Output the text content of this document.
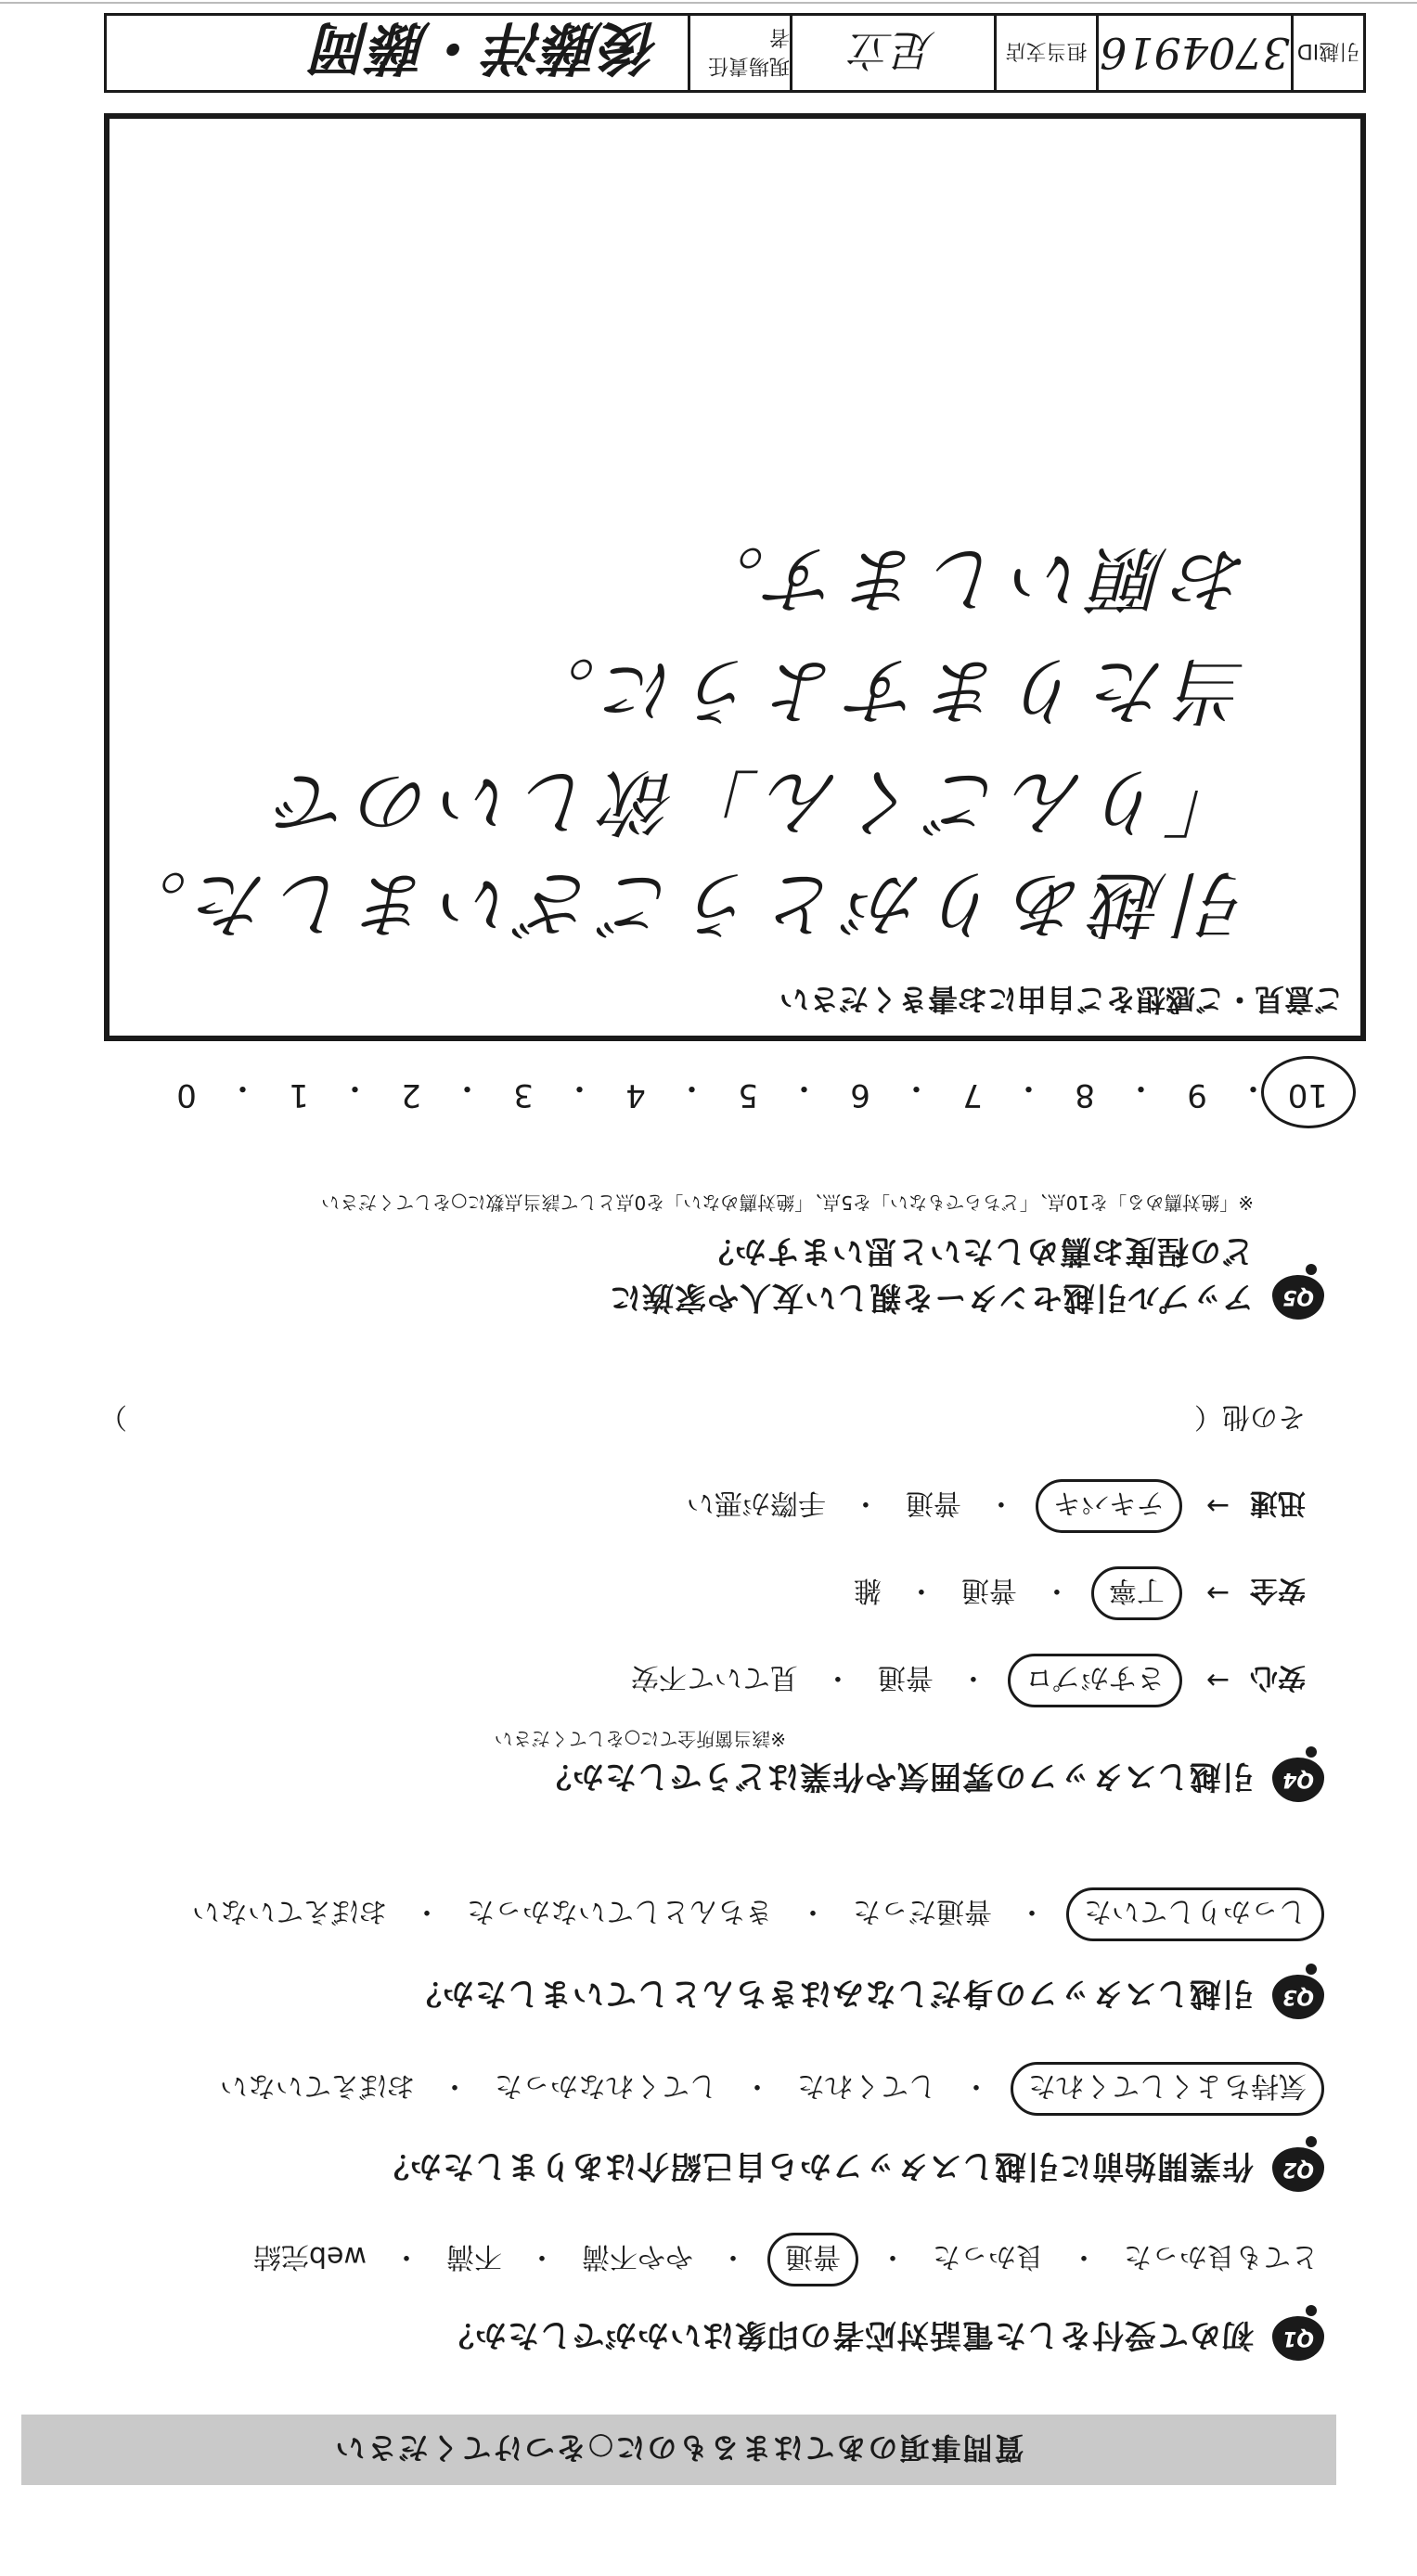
質問事項のあてはまるものに○をつけてください
Q1
初めて受付をした電話対応者の印象はいかがでしたか？
とても良かった
・
良かった
・
普通
・
やや不満
・
不満
・
web完結
Q2
作業開始前に引越しスタッフから自己紹介はありましたか？
気持ちよくしてくれた
・
してくれた
・
してくれなかった
・
おぼえていない
Q3
引越しスタッフの身だしなみはきちんとしていましたか？
しっかりしていた
・
普通だった
・
きちんとしていなかった
・
おぼえていない
Q4
引越しスタッフの雰囲気や作業はどうでしたか？
※該当箇所全てに○をしてください
安心
→
さすがプロ
・
普通
・
見ていて不安
安全
→
丁寧
・
普通
・
雑
迅速
→
テキパキ
・
普通
・
手際が悪い
その他（
）
Q5
アップル引越センターを親しい友人や家族に
どの程度お薦めしたいと思いますか？
※「絶対薦める」を10点、「どちらでもない」を5点、「絶対薦めない」を0点として該当点数に○をしてください
10
・
9
・
8
・
7
・
6
・
5
・
4
・
3
・
2
・
1
・
0
ご意見・ご感想をご自由にお書きください
引越ありがとうございました。
「りんごくん」欲しいので
当たりますように。
お願いします。
引越ID
3704916
担当支店
足立
現場責任者
後藤洋・藤岡
